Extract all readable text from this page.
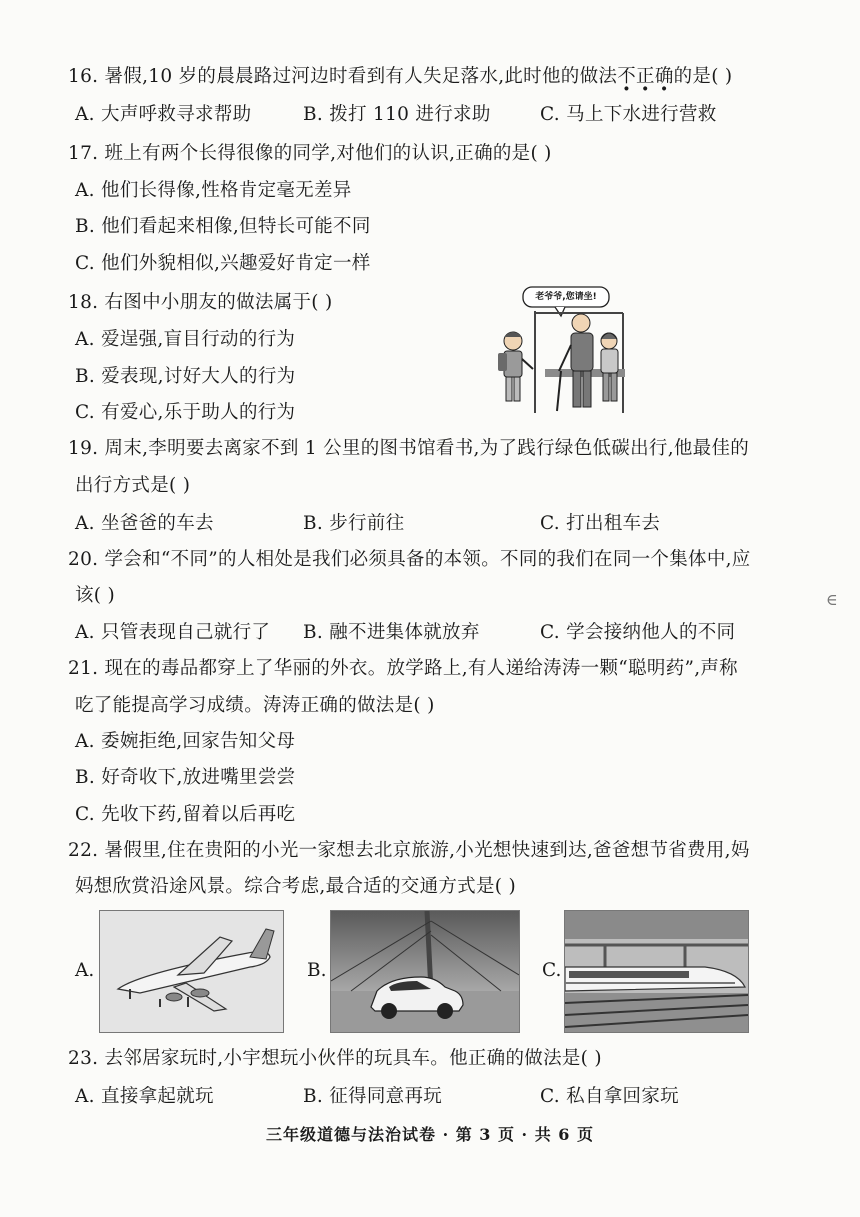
16. 暑假,10 岁的晨晨路过河边时看到有人失足落水,此时他的做法不正确的是( )
A. 大声呼救寻求帮助	B. 拨打 110 进行求助	C. 马上下水进行营救
17. 班上有两个长得很像的同学,对他们的认识,正确的是( )
A. 他们长得像,性格肯定毫无差异
B. 他们看起来相像,但特长可能不同
C. 他们外貌相似,兴趣爱好肯定一样
18. 右图中小朋友的做法属于( )
A. 爱逞强,盲目行动的行为
B. 爱表现,讨好大人的行为
C. 有爱心,乐于助人的行为
老爷爷,您请坐!
19. 周末,李明要去离家不到 1 公里的图书馆看书,为了践行绿色低碳出行,他最佳的
出行方式是( )
A. 坐爸爸的车去	B. 步行前往	C. 打出租车去
20. 学会和“不同”的人相处是我们必须具备的本领。不同的我们在同一个集体中,应
该( )
A. 只管表现自己就行了 B. 融不进集体就放弃	C. 学会接纳他人的不同
∈
21. 现在的毒品都穿上了华丽的外衣。放学路上,有人递给涛涛一颗“聪明药”,声称
吃了能提高学习成绩。涛涛正确的做法是( )
A. 委婉拒绝,回家告知父母
B. 好奇收下,放进嘴里尝尝
C. 先收下药,留着以后再吃
22. 暑假里,住在贵阳的小光一家想去北京旅游,小光想快速到达,爸爸想节省费用,妈
妈想欣赏沿途风景。综合考虑,最合适的交通方式是( )
A.	B.	C.
23. 去邻居家玩时,小宇想玩小伙伴的玩具车。他正确的做法是( )
A. 直接拿起就玩	B. 征得同意再玩	C. 私自拿回家玩
三年级道德与法治试卷 · 第 3 页 · 共 6 页
